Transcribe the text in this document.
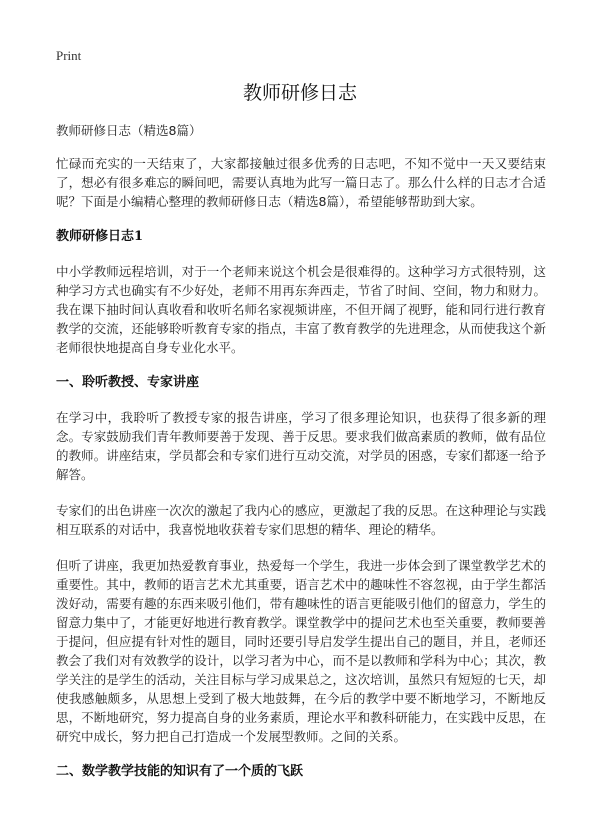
Print
教师研修日志
教师研修日志（精选8篇）

忙碌而充实的一天结束了，大家都接触过很多优秀的日志吧，不知不觉中一天又要结束了，想必有很多难忘的瞬间吧，需要认真地为此写一篇日志了。那么什么样的日志才合适呢？下面是小编精心整理的教师研修日志（精选8篇），希望能够帮助到大家。

教师研修日志1

中小学教师远程培训，对于一个老师来说这个机会是很难得的。这种学习方式很特别，这种学习方式也确实有不少好处，老师不用再东奔西走，节省了时间、空间，物力和财力。我在课下抽时间认真收看和收听名师名家视频讲座，不但开阔了视野，能和同行进行教育教学的交流，还能够聆听教育专家的指点，丰富了教育教学的先进理念，从而使我这个新老师很快地提高自身专业化水平。

一、聆听教授、专家讲座

在学习中，我聆听了教授专家的报告讲座，学习了很多理论知识，也获得了很多新的理念。专家鼓励我们青年教师要善于发现、善于反思。要求我们做高素质的教师，做有品位的教师。讲座结束，学员都会和专家们进行互动交流，对学员的困惑，专家们都逐一给予解答。

专家们的出色讲座一次次的激起了我内心的感应，更激起了我的反思。在这种理论与实践相互联系的对话中，我喜悦地收获着专家们思想的精华、理论的精华。

但听了讲座，我更加热爱教育事业，热爱每一个学生，我进一步体会到了课堂教学艺术的重要性。其中，教师的语言艺术尤其重要，语言艺术中的趣味性不容忽视，由于学生都活泼好动，需要有趣的东西来吸引他们，带有趣味性的语言更能吸引他们的留意力，学生的留意力集中了，才能更好地进行教育教学。课堂教学中的提问艺术也至关重要，教师要善于提问，但应提有针对性的题目，同时还要引导启发学生提出自己的题目，并且，老师还教会了我们对有效教学的设计，以学习者为中心，而不是以教师和学科为中心；其次，教学关注的是学生的活动，关注目标与学习成果总之，这次培训，虽然只有短短的七天，却使我感触颇多，从思想上受到了极大地鼓舞，在今后的教学中要不断地学习，不断地反思，不断地研究，努力提高自身的业务素质，理论水平和教科研能力，在实践中反思，在研究中成长，努力把自己打造成一个发展型教师。之间的关系。

二、数学教学技能的知识有了一个质的飞跃
